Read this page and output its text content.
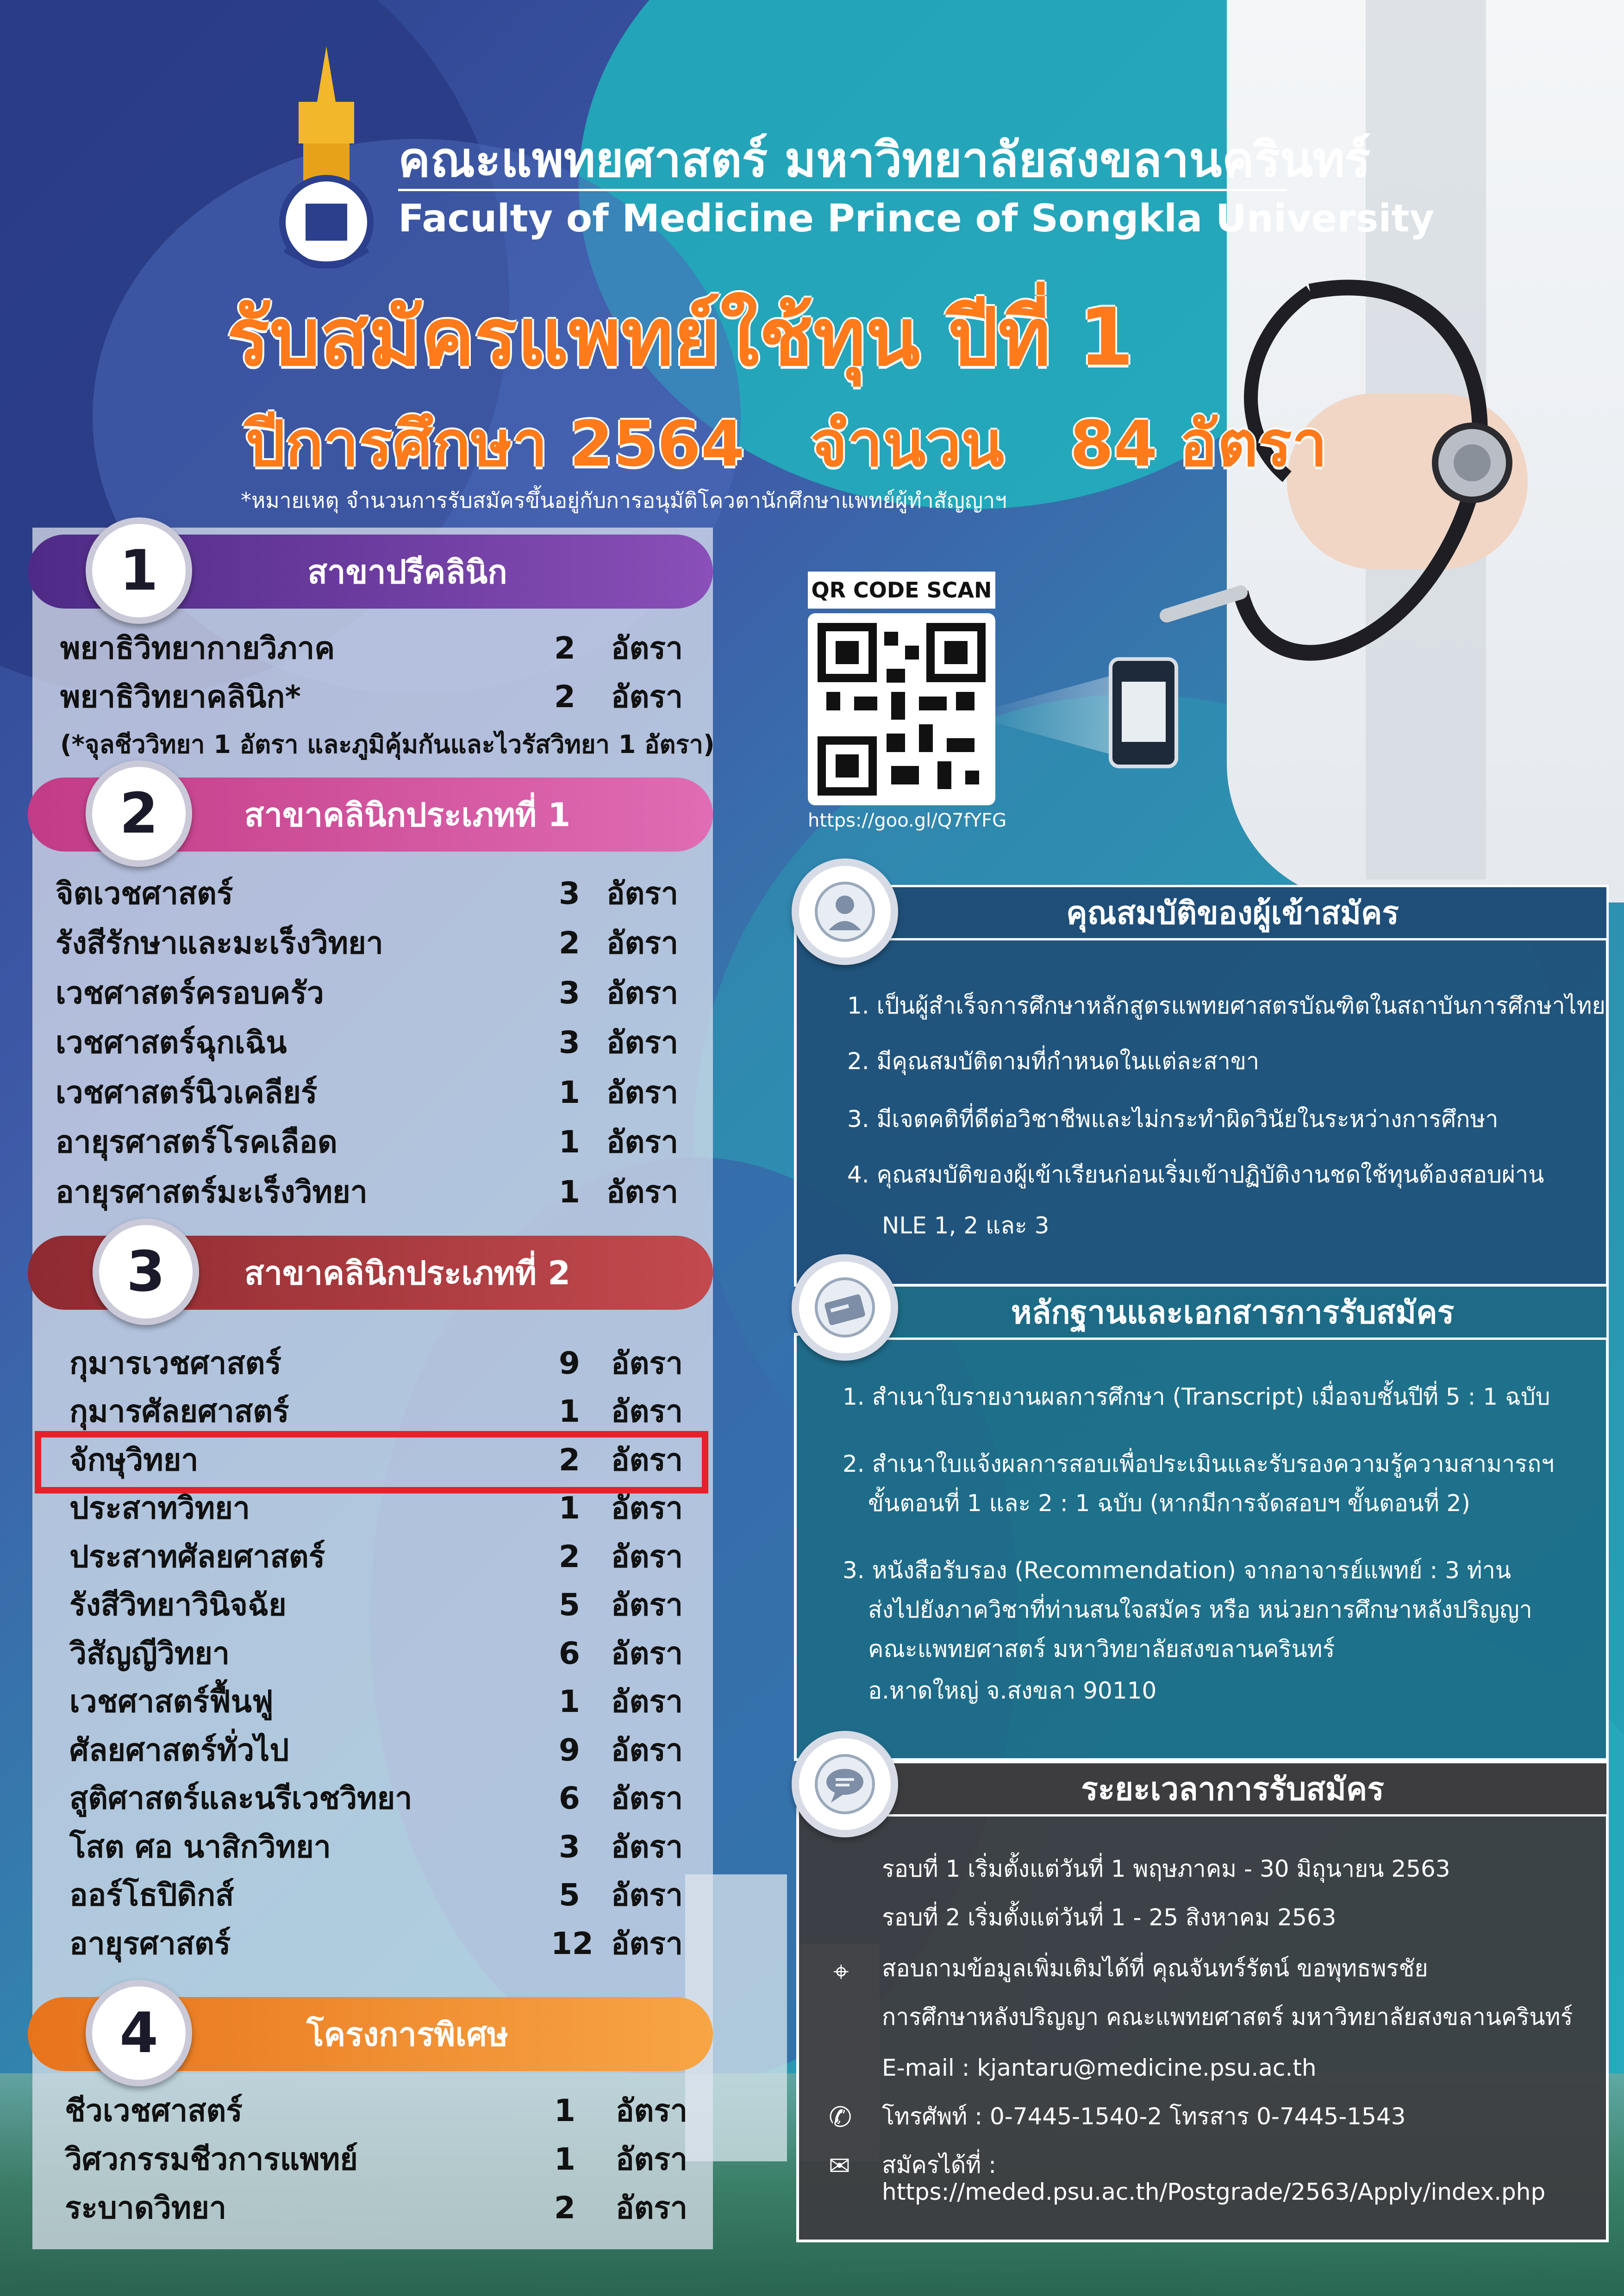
คณะแพทยศาสตร์ มหาวิทยาลัยสงขลานครินทร์
Faculty of Medicine Prince of Songkla University
รับสมัครแพทย์ใช้ทุน ปีที่ 1
ปีการศึกษา 2564   จำนวน   84 อัตรา
*หมายเหตุ จำนวนการรับสมัครขึ้นอยู่กับการอนุมัติโควตานักศึกษาแพทย์ผู้ทำสัญญาฯ
QR CODE SCAN
https://goo.gl/Q7fYFG
สาขาปรีคลินิก
1
พยาธิวิทยากายวิภาค	2 อัตรา
พยาธิวิทยาคลินิก*	2 อัตรา
(*จุลชีววิทยา 1 อัตรา และภูมิคุ้มกันและไวรัสวิทยา 1 อัตรา)
สาขาคลินิกประเภทที่ 1
2
จิตเวชศาสตร์	3 อัตรา
รังสีรักษาและมะเร็งวิทยา	2 อัตรา
เวชศาสตร์ครอบครัว	3 อัตรา
เวชศาสตร์ฉุกเฉิน	3 อัตรา
เวชศาสตร์นิวเคลียร์	1 อัตรา
อายุรศาสตร์โรคเลือด	1 อัตรา
อายุรศาสตร์มะเร็งวิทยา	1 อัตรา
สาขาคลินิกประเภทที่ 2
3
กุมารเวชศาสตร์	9 อัตรา
กุมารศัลยศาสตร์	1 อัตรา
จักษุวิทยา	2 อัตรา
ประสาทวิทยา	1 อัตรา
ประสาทศัลยศาสตร์	2 อัตรา
รังสีวิทยาวินิจฉัย	5 อัตรา
วิสัญญีวิทยา	6 อัตรา
เวชศาสตร์ฟื้นฟู	1 อัตรา
ศัลยศาสตร์ทั่วไป	9 อัตรา
สูติศาสตร์และนรีเวชวิทยา	6 อัตรา
โสต ศอ นาสิกวิทยา	3 อัตรา
ออร์โธปิดิกส์	5 อัตรา
อายุรศาสตร์	12 อัตรา
โครงการพิเศษ
4
ชีวเวชศาสตร์	1 อัตรา
วิศวกรรมชีวการแพทย์	1 อัตรา
ระบาดวิทยา	2 อัตรา
คุณสมบัติของผู้เข้าสมัคร
1. เป็นผู้สำเร็จการศึกษาหลักสูตรแพทยศาสตรบัณฑิตในสถาบันการศึกษาไทย
2. มีคุณสมบัติตามที่กำหนดในแต่ละสาขา
3. มีเจตคติที่ดีต่อวิชาชีพและไม่กระทำผิดวินัยในระหว่างการศึกษา
4. คุณสมบัติของผู้เข้าเรียนก่อนเริ่มเข้าปฏิบัติงานชดใช้ทุนต้องสอบผ่าน
NLE 1, 2 และ 3
หลักฐานและเอกสารการรับสมัคร
1. สำเนาใบรายงานผลการศึกษา (Transcript) เมื่อจบชั้นปีที่ 5 : 1 ฉบับ
2. สำเนาใบแจ้งผลการสอบเพื่อประเมินและรับรองความรู้ความสามารถฯ
ขั้นตอนที่ 1 และ 2 : 1 ฉบับ (หากมีการจัดสอบฯ ขั้นตอนที่ 2)
3. หนังสือรับรอง (Recommendation) จากอาจารย์แพทย์ : 3 ท่าน
ส่งไปยังภาควิชาที่ท่านสนใจสมัคร หรือ หน่วยการศึกษาหลังปริญญา
คณะแพทยศาสตร์ มหาวิทยาลัยสงขลานครินทร์
อ.หาดใหญ่ จ.สงขลา 90110
ระยะเวลาการรับสมัคร
รอบที่ 1 เริ่มตั้งแต่วันที่ 1 พฤษภาคม - 30 มิถุนายน 2563
รอบที่ 2 เริ่มตั้งแต่วันที่ 1 - 25 สิงหาคม 2563
⌖ สอบถามข้อมูลเพิ่มเติมได้ที่ คุณจันทร์รัตน์ ขอพุทธพรชัย
การศึกษาหลังปริญญา คณะแพทยศาสตร์ มหาวิทยาลัยสงขลานครินทร์
E-mail : kjantaru@medicine.psu.ac.th
✆ โทรศัพท์ : 0-7445-1540-2 โทรสาร 0-7445-1543
✉ สมัครได้ที่ : https://meded.psu.ac.th/Postgrade/2563/Apply/index.php
